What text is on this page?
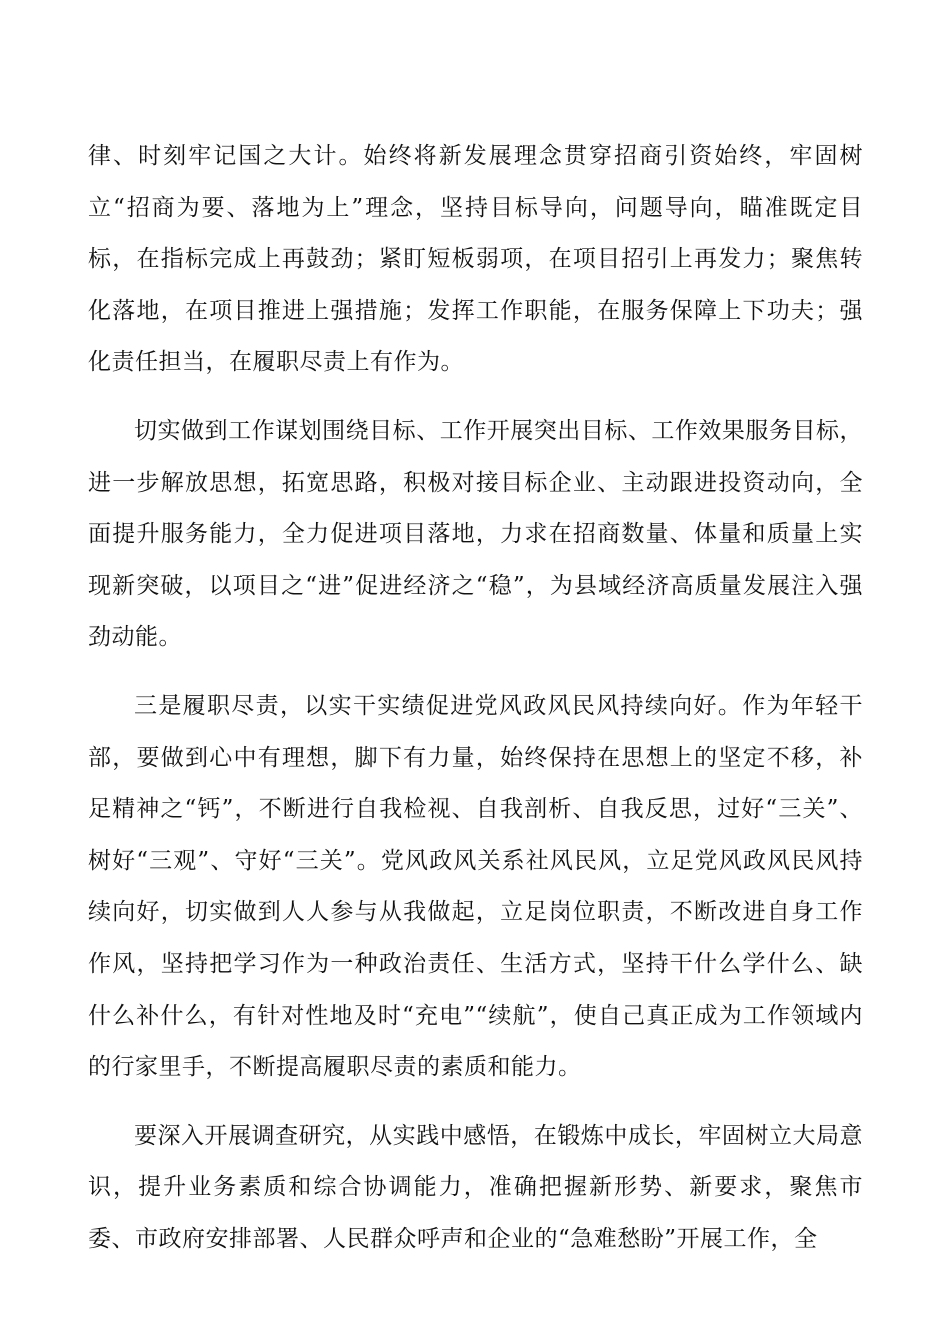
律、时刻牢记国之大计。始终将新发展理念贯穿招商引资始终，牢固树立“招商为要、落地为上”理念，坚持目标导向，问题导向，瞄准既定目标，在指标完成上再鼓劲；紧盯短板弱项，在项目招引上再发力；聚焦转化落地，在项目推进上强措施；发挥工作职能，在服务保障上下功夫；强化责任担当，在履职尽责上有作为。

切实做到工作谋划围绕目标、工作开展突出目标、工作效果服务目标，进一步解放思想，拓宽思路，积极对接目标企业、主动跟进投资动向，全面提升服务能力，全力促进项目落地，力求在招商数量、体量和质量上实现新突破，以项目之“进”促进经济之“稳”，为县域经济高质量发展注入强劲动能。

三是履职尽责，以实干实绩促进党风政风民风持续向好。作为年轻干部，要做到心中有理想，脚下有力量，始终保持在思想上的坚定不移，补足精神之“钙”，不断进行自我检视、自我剖析、自我反思，过好“三关”、树好“三观”、守好“三关”。党风政风关系社风民风，立足党风政风民风持续向好，切实做到人人参与从我做起，立足岗位职责，不断改进自身工作作风，坚持把学习作为一种政治责任、生活方式，坚持干什么学什么、缺什么补什么，有针对性地及时“充电”“续航”，使自己真正成为工作领域内的行家里手，不断提高履职尽责的素质和能力。

要深入开展调查研究，从实践中感悟，在锻炼中成长，牢固树立大局意识，提升业务素质和综合协调能力，准确把握新形势、新要求，聚焦市委、市政府安排部署、人民群众呼声和企业的“急难愁盼”开展工作，全
